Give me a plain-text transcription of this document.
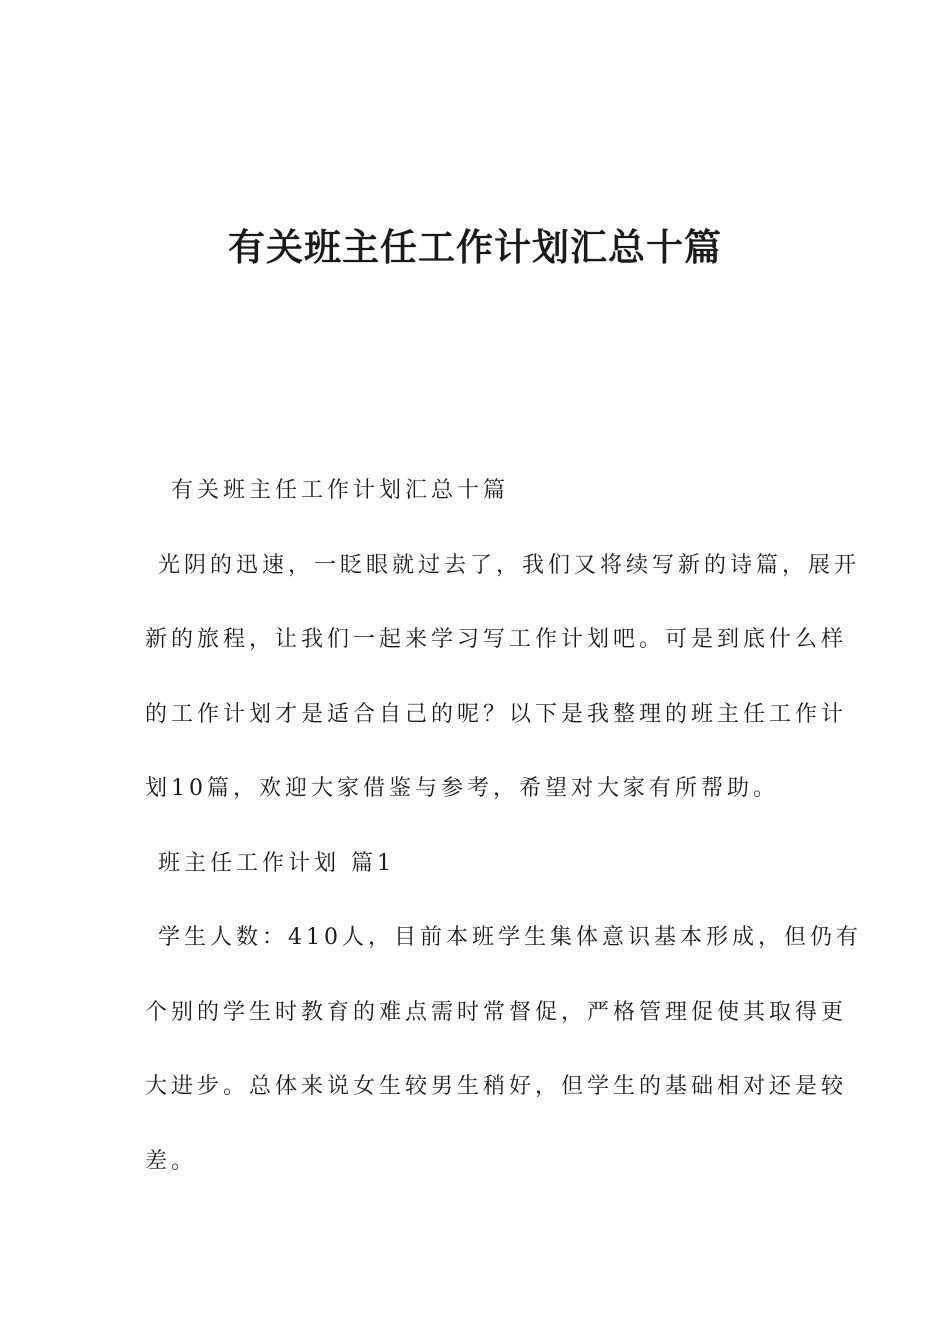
有关班主任工作计划汇总十篇

有关班主任工作计划汇总十篇

光阴的迅速，一眨眼就过去了，我们又将续写新的诗篇，展开

新的旅程，让我们一起来学习写工作计划吧。可是到底什么样

的工作计划才是适合自己的呢？以下是我整理的班主任工作计

划10篇，欢迎大家借鉴与参考，希望对大家有所帮助。

班主任工作计划 篇1

学生人数：410人，目前本班学生集体意识基本形成，但仍有

个别的学生时教育的难点需时常督促，严格管理促使其取得更

大进步。总体来说女生较男生稍好，但学生的基础相对还是较

差。
